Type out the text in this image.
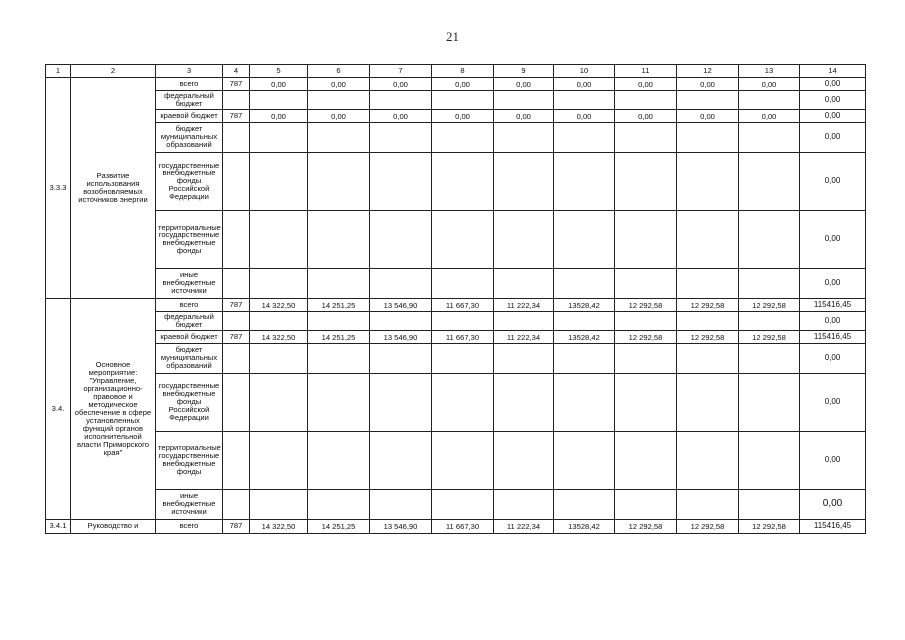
21
1	2	3	4	5	6	7	8	9	10	11	12	13	14
3.3.3	Развитие использования возобновляемых источников энергии	всего	787	0,00	0,00	0,00	0,00	0,00	0,00	0,00	0,00	0,00	0,00
		федеральный бюджет											0,00
		краевой бюджет	787	0,00	0,00	0,00	0,00	0,00	0,00	0,00	0,00	0,00	0,00
		бюджет муниципальных образований											0,00
		государственные внебюджетные фонды Российской Федерации											0,00
		территориальные государственные внебюджетные фонды											0,00
		иные внебюджетные источники											0,00
3.4.	Основное мероприятие: "Управление, организационно-правовое и методическое обеспечение в сфере установленных функций органов исполнительной власти Приморского края"	всего	787	14 322,50	14 251,25	13 546,90	11 667,30	11 222,34	13528,42	12 292,58	12 292,58	12 292,58	115416,45
		федеральный бюджет											0,00
		краевой бюджет	787	14 322,50	14 251,25	13 546,90	11 667,30	11 222,34	13528,42	12 292,58	12 292,58	12 292,58	115416,45
		бюджет муниципальных образований											0,00
		государственные внебюджетные фонды Российской Федерации											0,00
		территориальные государственные внебюджетные фонды											0,00
		иные внебюджетные источники											0,00
3.4.1	Руководство и	всего	787	14 322,50	14 251,25	13 546,90	11 667,30	11 222,34	13528,42	12 292,58	12 292,58	12 292,58	115416,45
